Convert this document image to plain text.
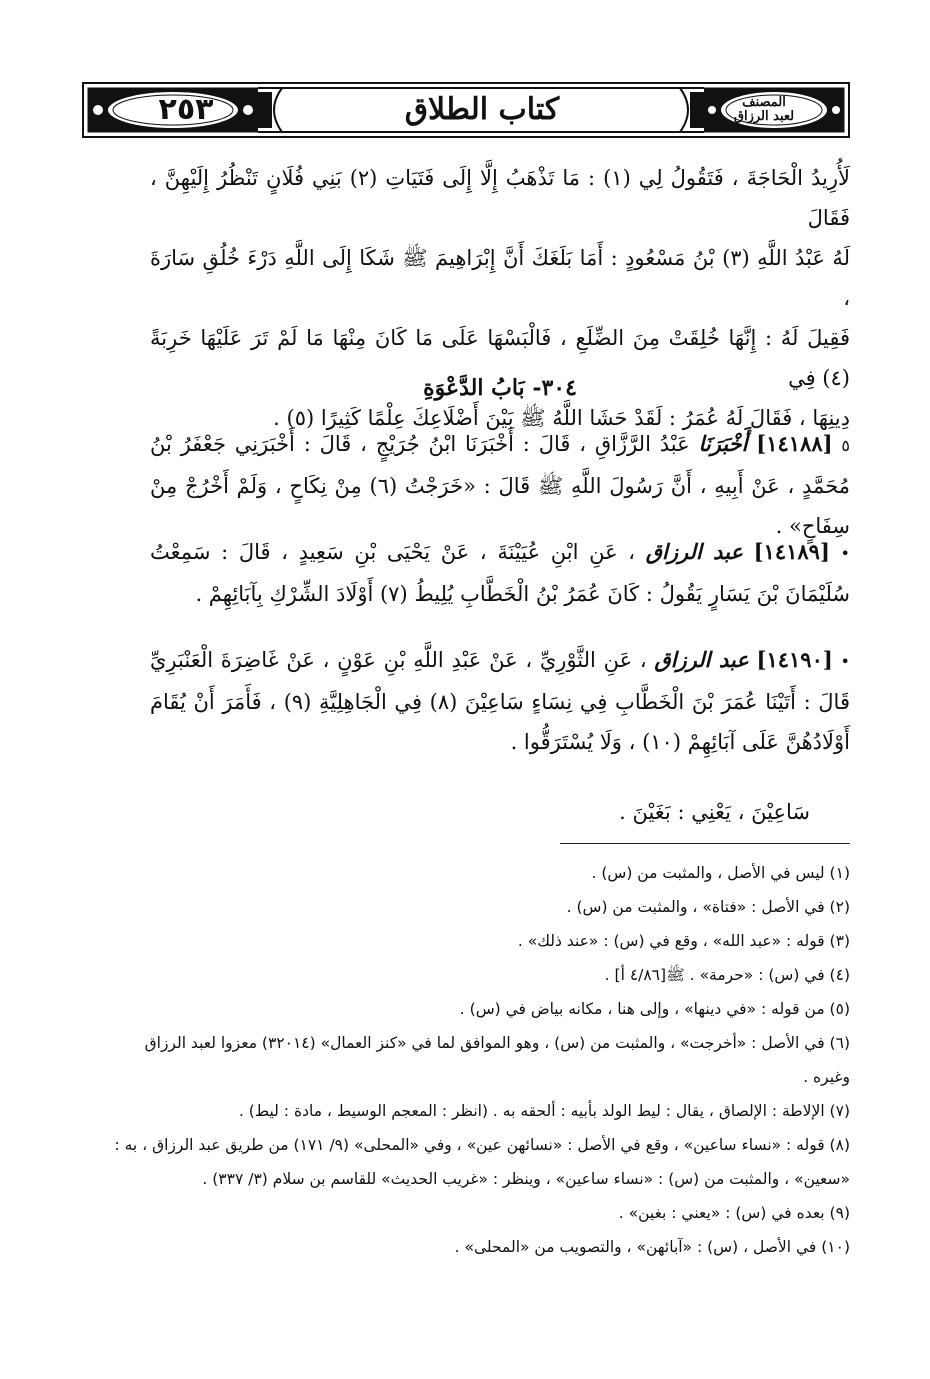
٢٥٣	كتاب الطلاق	المصنف
لعبد الرزاق
لَأُرِيدُ الْحَاجَةَ ، فَتَقُولُ لِي (١) : مَا تَذْهَبُ إِلَّا إِلَى فَتَيَاتِ (٢) بَنِي فُلَانٍ تَنْظُرُ إِلَيْهِنَّ ، فَقَالَ
لَهُ عَبْدُ اللَّهِ (٣) بْنُ مَسْعُودٍ : أَمَا بَلَغَكَ أَنَّ إِبْرَاهِيمَ ﷺ شَكَا إِلَى اللَّهِ دَرْءَ خُلُقِ سَارَةَ ،
فَقِيلَ لَهُ : إِنَّهَا خُلِقَتْ مِنَ الضِّلَعِ ، فَالْبَسْهَا عَلَى مَا كَانَ مِنْهَا مَا لَمْ تَرَ عَلَيْهَا خَرِبَةً (٤) فِي
دِينِهَا ، فَقَالَ لَهُ عُمَرُ : لَقَدْ حَشَا اللَّهُ ﷺ بَيْنَ أَضْلَاعِكَ عِلْمًا كَثِيرًا (٥) .
٣٠٤- بَابُ الدَّعْوَةِ
٥ [١٤١٨٨] أَخْبَرَنَا عَبْدُ الرَّزَّاقِ ، قَالَ : أَخْبَرَنَا ابْنُ جُرَيْجٍ ، قَالَ : أَخْبَرَنِي جَعْفَرُ بْنُ مُحَمَّدٍ ، عَنْ أَبِيهِ ، أَنَّ رَسُولَ اللَّهِ ﷺ قَالَ : «خَرَجْتُ (٦) مِنْ نِكَاحٍ ، وَلَمْ أَخْرُجْ مِنْ سِفَاحٍ» .
• [١٤١٨٩] عبد الرزاق ، عَنِ ابْنِ عُيَيْنَةَ ، عَنْ يَحْيَى بْنِ سَعِيدٍ ، قَالَ : سَمِعْتُ سُلَيْمَانَ بْنَ يَسَارٍ يَقُولُ : كَانَ عُمَرُ بْنُ الْخَطَّابِ يُلِيطُ (٧) أَوْلَادَ الشِّرْكِ بِآبَائِهِمْ .
• [١٤١٩٠] عبد الرزاق ، عَنِ الثَّوْرِيِّ ، عَنْ عَبْدِ اللَّهِ بْنِ عَوْنٍ ، عَنْ غَاضِرَةَ الْعَنْبَرِيِّ قَالَ : أَتَيْنَا عُمَرَ بْنَ الْخَطَّابِ فِي نِسَاءٍ سَاعِيْنَ (٨) فِي الْجَاهِلِيَّةِ (٩) ، فَأَمَرَ أَنْ يُقَامَ أَوْلَادُهُنَّ عَلَى آبَائِهِمْ (١٠) ، وَلَا يُسْتَرَقُّوا .
سَاعِيْنَ ، يَعْنِي : بَغَيْنَ .
(١) ليس في الأصل ، والمثبت من (س) .
(٢) في الأصل : «فتاة» ، والمثبت من (س) .
(٣) قوله : «عبد الله» ، وقع في (س) : «عند ذلك» .
(٤) في (س) : «حرمة» . ﷺ[٤/٨٦ أ] .
(٥) من قوله : «في دينها» ، وإلى هنا ، مكانه بياض في (س) .
(٦) في الأصل : «أخرجت» ، والمثبت من (س) ، وهو الموافق لما في «كنز العمال» (٣٢٠١٤) معزوا لعبد الرزاق وغيره .
(٧) الإلاطة : الإلصاق ، يقال : ليط الولد بأبيه : ألحقه به . (انظر : المعجم الوسيط ، مادة : ليط) .
(٨) قوله : «نساء ساعين» ، وقع في الأصل : «نسائهن عين» ، وفي «المحلى» (٩/ ١٧١) من طريق عبد الرزاق ، به : «سعين» ، والمثبت من (س) : «نساء ساعين» ، وينظر : «غريب الحديث» للقاسم بن سلام (٣/ ٣٣٧) .
(٩) بعده في (س) : «يعني : بغين» .
(١٠) في الأصل ، (س) : «آبائهن» ، والتصويب من «المحلى» .
